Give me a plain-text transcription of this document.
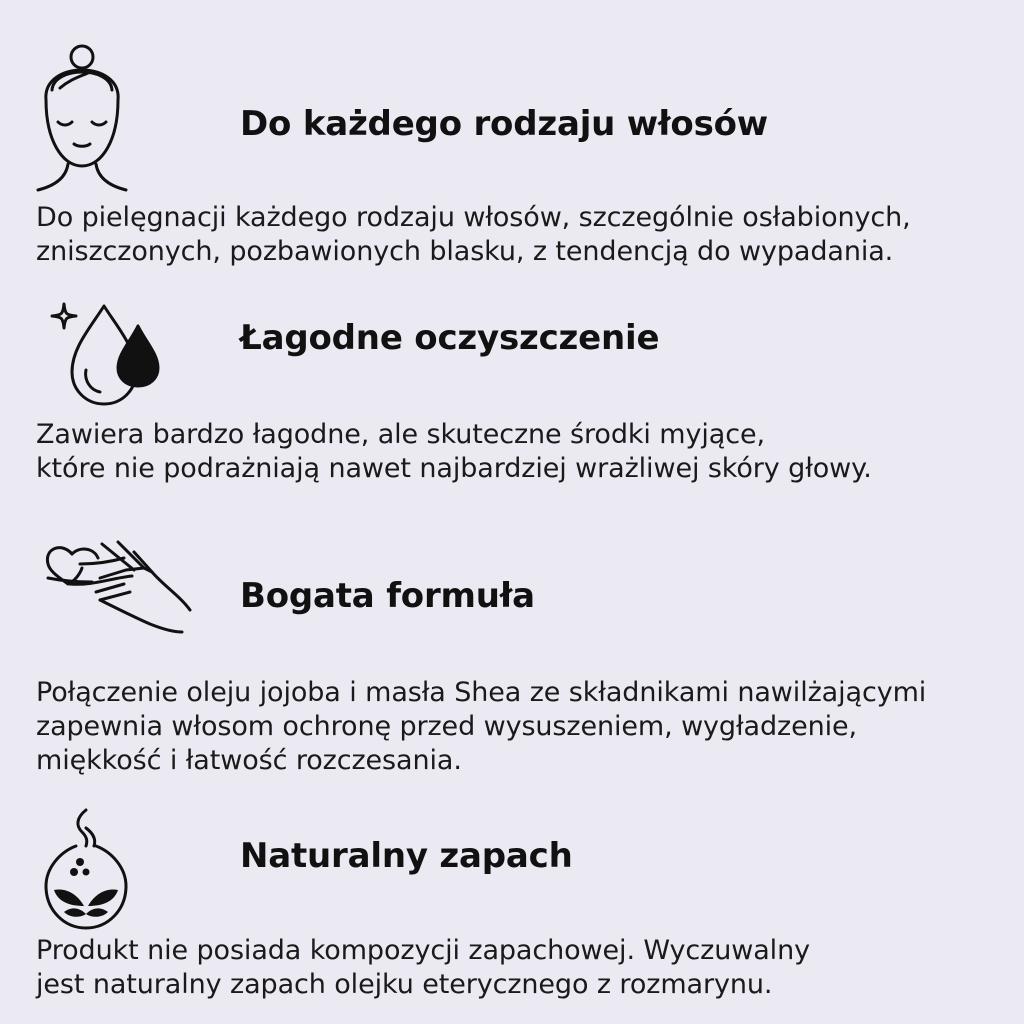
Do każdego rodzaju włosów
Do pielęgnacji każdego rodzaju włosów, szczególnie osłabionych,
zniszczonych, pozbawionych blasku, z tendencją do wypadania.
Łagodne oczyszczenie
Zawiera bardzo łagodne, ale skuteczne środki myjące,
które nie podrażniają nawet najbardziej wrażliwej skóry głowy.
Bogata formuła
Połączenie oleju jojoba i masła Shea ze składnikami nawilżającymi
zapewnia włosom ochronę przed wysuszeniem, wygładzenie,
miękkość i łatwość rozczesania.
Naturalny zapach
Produkt nie posiada kompozycji zapachowej. Wyczuwalny
jest naturalny zapach olejku eterycznego z rozmarynu.
